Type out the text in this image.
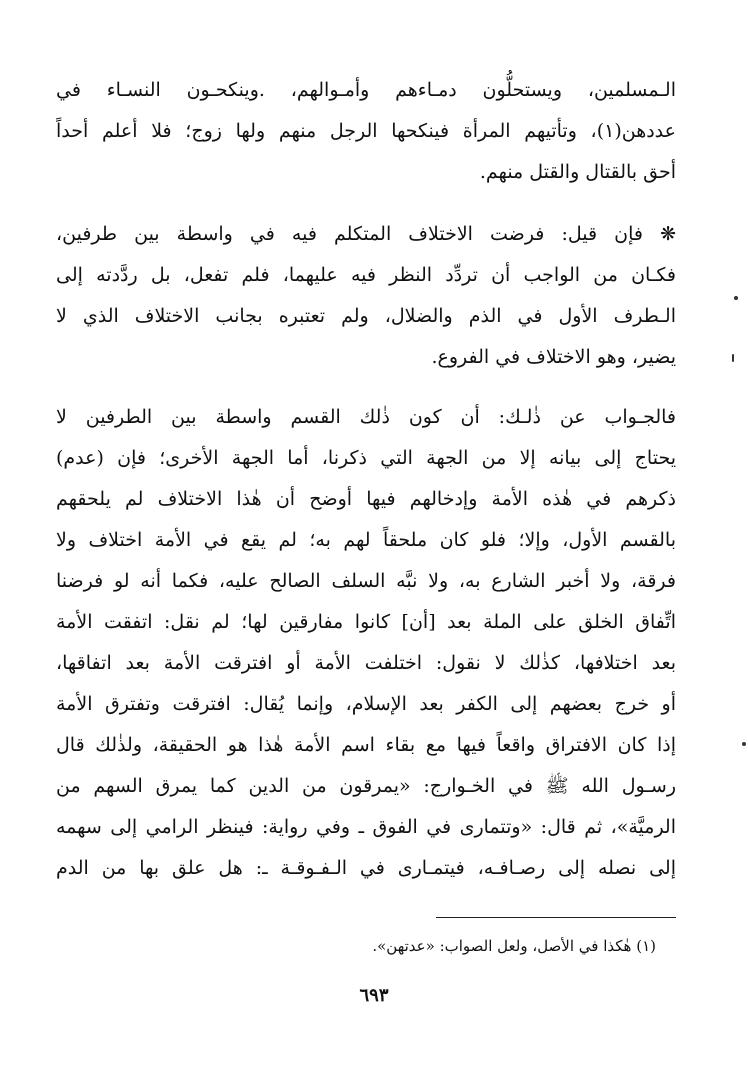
الـمسلمين، ويستحلُّون دمـاءهم وأمـوالهم، .وينكحـون النسـاء في
عددهن(١)، وتأتيهم المرأة فينكحها الرجل منهم ولها زوج؛ فلا أعلم أحداً
أحق بالقتال والقتل منهم.
❋ فإن قيل: فرضت الاختلاف المتكلم فيه في واسطة بين طرفين،
فكـان من الواجب أن تردِّد النظر فيه عليهما، فلم تفعل، بل ردَّدته إلى
الـطرف الأول في الذم والضلال، ولم تعتبره بجانب الاختلاف الذي لا
يضير، وهو الاختلاف في الفروع.
فالجـواب عن ذٰلـك: أن كون ذٰلك القسم واسطة بين الطرفين لا
يحتاج إلى بيانه إلا من الجهة التي ذكرنا، أما الجهة الأخرى؛ فإن (عدم)
ذكرهم في هٰذه الأمة وإدخالهم فيها أوضح أن هٰذا الاختلاف لم يلحقهم
بالقسم الأول، وإلا؛ فلو كان ملحقاً لهم به؛ لم يقع في الأمة اختلاف ولا
فرقة، ولا أخبر الشارع به، ولا نبَّه السلف الصالح عليه، فكما أنه لو فرضنا
اتِّفاق الخلق على الملة بعد [أن] كانوا مفارقين لها؛ لم نقل: اتفقت الأمة
بعد اختلافها، كذٰلك لا نقول: اختلفت الأمة أو افترقت الأمة بعد اتفاقها،
أو خرج بعضهم إلى الكفر بعد الإسلام، وإنما يُقال: افترقت وتفترق الأمة
إذا كان الافتراق واقعاً فيها مع بقاء اسم الأمة هٰذا هو الحقيقة، ولذٰلك قال
رسـول الله ﷺ في الخـوارج: «يمرقون من الدين كما يمرق السهم من
الرميَّة»، ثم قال: «وتتمارى في الفوق ـ وفي رواية: فينظر الرامي إلى سهمه
إلى نصله إلى رصـافـه، فيتمـارى في الـفـوقـة ـ: هل علق بها من الدم
(١) هٰكذا في الأصل، ولعل الصواب: «عدتهن».
٦٩٣
